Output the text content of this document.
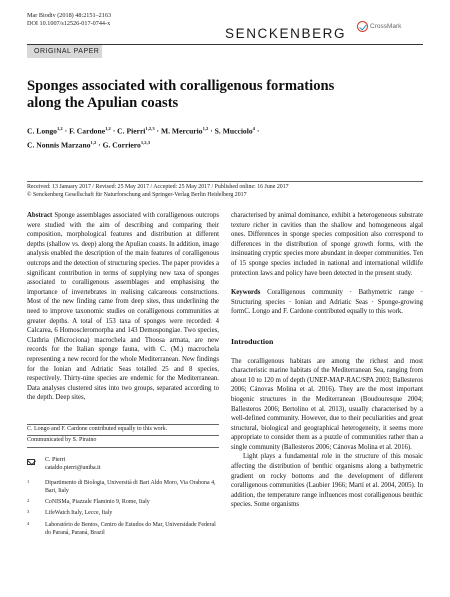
Mar Biodiv (2018) 48:2151–2163
DOI 10.1007/s12526-017-0744-x
SENCKENBERG	CrossMark
ORIGINAL PAPER
Sponges associated with coralligenous formations
along the Apulian coasts
C. Longo$^{1,2}$ · F. Cardone$^{1,2}$ · C. Pierri$^{1,2,3}$ · M. Mercurio$^{1,2}$ · S. Mucciolo$^4$ ·
C. Nonnis Marzano$^{1,2}$ · G. Corriero$^{1,2,3}$
Received: 13 January 2017 / Revised: 25 May 2017 / Accepted: 25 May 2017 / Published online: 16 June 2017
© Senckenberg Gesellschaft für Naturforschung and Springer-Verlag Berlin Heidelberg 2017

Abstract Sponge assemblages associated with coralligenous outcrops were studied with the aim of describing and comparing their composition, morphological features and distribution at different depths (shallow vs. deep) along the Apulian coasts. In addition, image analysis enabled the description of the main features of coralligenous outcrops and the detection of structuring species. The paper provides a significant contribution in terms of supplying new taxa of sponges associated to coralligenous assemblages and emphasising the importance of invertebrates in realising calcareous constructions. Most of the new finding came from deep sites, thus underlining the need to improve taxonomic studies on coralligenous communities at greater depths. A total of 153 taxa of sponges were recorded: 4 Calcarea, 6 Homoscleromorpha and 143 Demospongiae. Two species, Clathria (Microciona) macrochela and Thoosa armata, are new records for the Italian sponge fauna, with C. (M.) macrochela representing a new record for the whole Mediterranean. New findings for the Ionian and Adriatic Seas totalled 25 and 8 species, respectively. Thirty-nine species are endemic for the Mediterranean. Data analyses clustered sites into two groups, separated according to the depth. Deep sites,

C. Longo and F. Cardone contributed equally to this work.
Communicated by S. Piraino
C. Pierri
cataldo.pierri@uniba.it
1	Dipartimento di Biologia, Università di Bari Aldo Moro, Via Orabona 4, Bari, Italy
2	CoNISMa, Piazzale Flaminio 9, Rome, Italy
3	LifeWatch Italy, Lecce, Italy
4	Laboratório de Bentos, Centro de Estudos do Mar, Universidade Federal do Paraná, Paraná, Brazil

characterised by animal dominance, exhibit a heterogeneous substrate texture richer in cavities than the shallow and homogeneous algal ones. Differences in sponge species composition also correspond to differences in the distribution of sponge growth forms, with the insinuating cryptic species more abundant in deeper communities. Ten of 15 sponge species included in national and international wildlife protection laws and policy have been detected in the present study.

Keywords Coralligenous community · Bathymetric range · Structuring species · Ionian and Adriatic Seas · Sponge-growing formC. Longo and F. Cardone contributed equally to this work.

Introduction

The coralligenous habitats are among the richest and most characteristic marine habitats of the Mediterranean Sea, ranging from about 10 to 120 m of depth (UNEP-MAP-RAC/SPA 2003; Ballesteros 2006; Cánovas Molina et al. 2016). They are the most important biogenic structures in the Mediterranean (Boudouresque 2004; Ballesteros 2006; Bertolino et al. 2013), usually characterised by a well-defined community. However, due to their peculiarities and great structural, biological and geographical heterogeneity, it seems more appropriate to consider them as a puzzle of communities rather than a single community (Ballesteros 2006; Cánovas Molina et al. 2016).

Light plays a fundamental role in the structure of this mosaic affecting the distribution of benthic organisms along a bathymetric gradient on rocky bottoms and the development of different coralligenous communities (Laubier 1966; Martí et al. 2004, 2005). In addition, the temperature range influences most coralligenous benthic species. Some organisms
